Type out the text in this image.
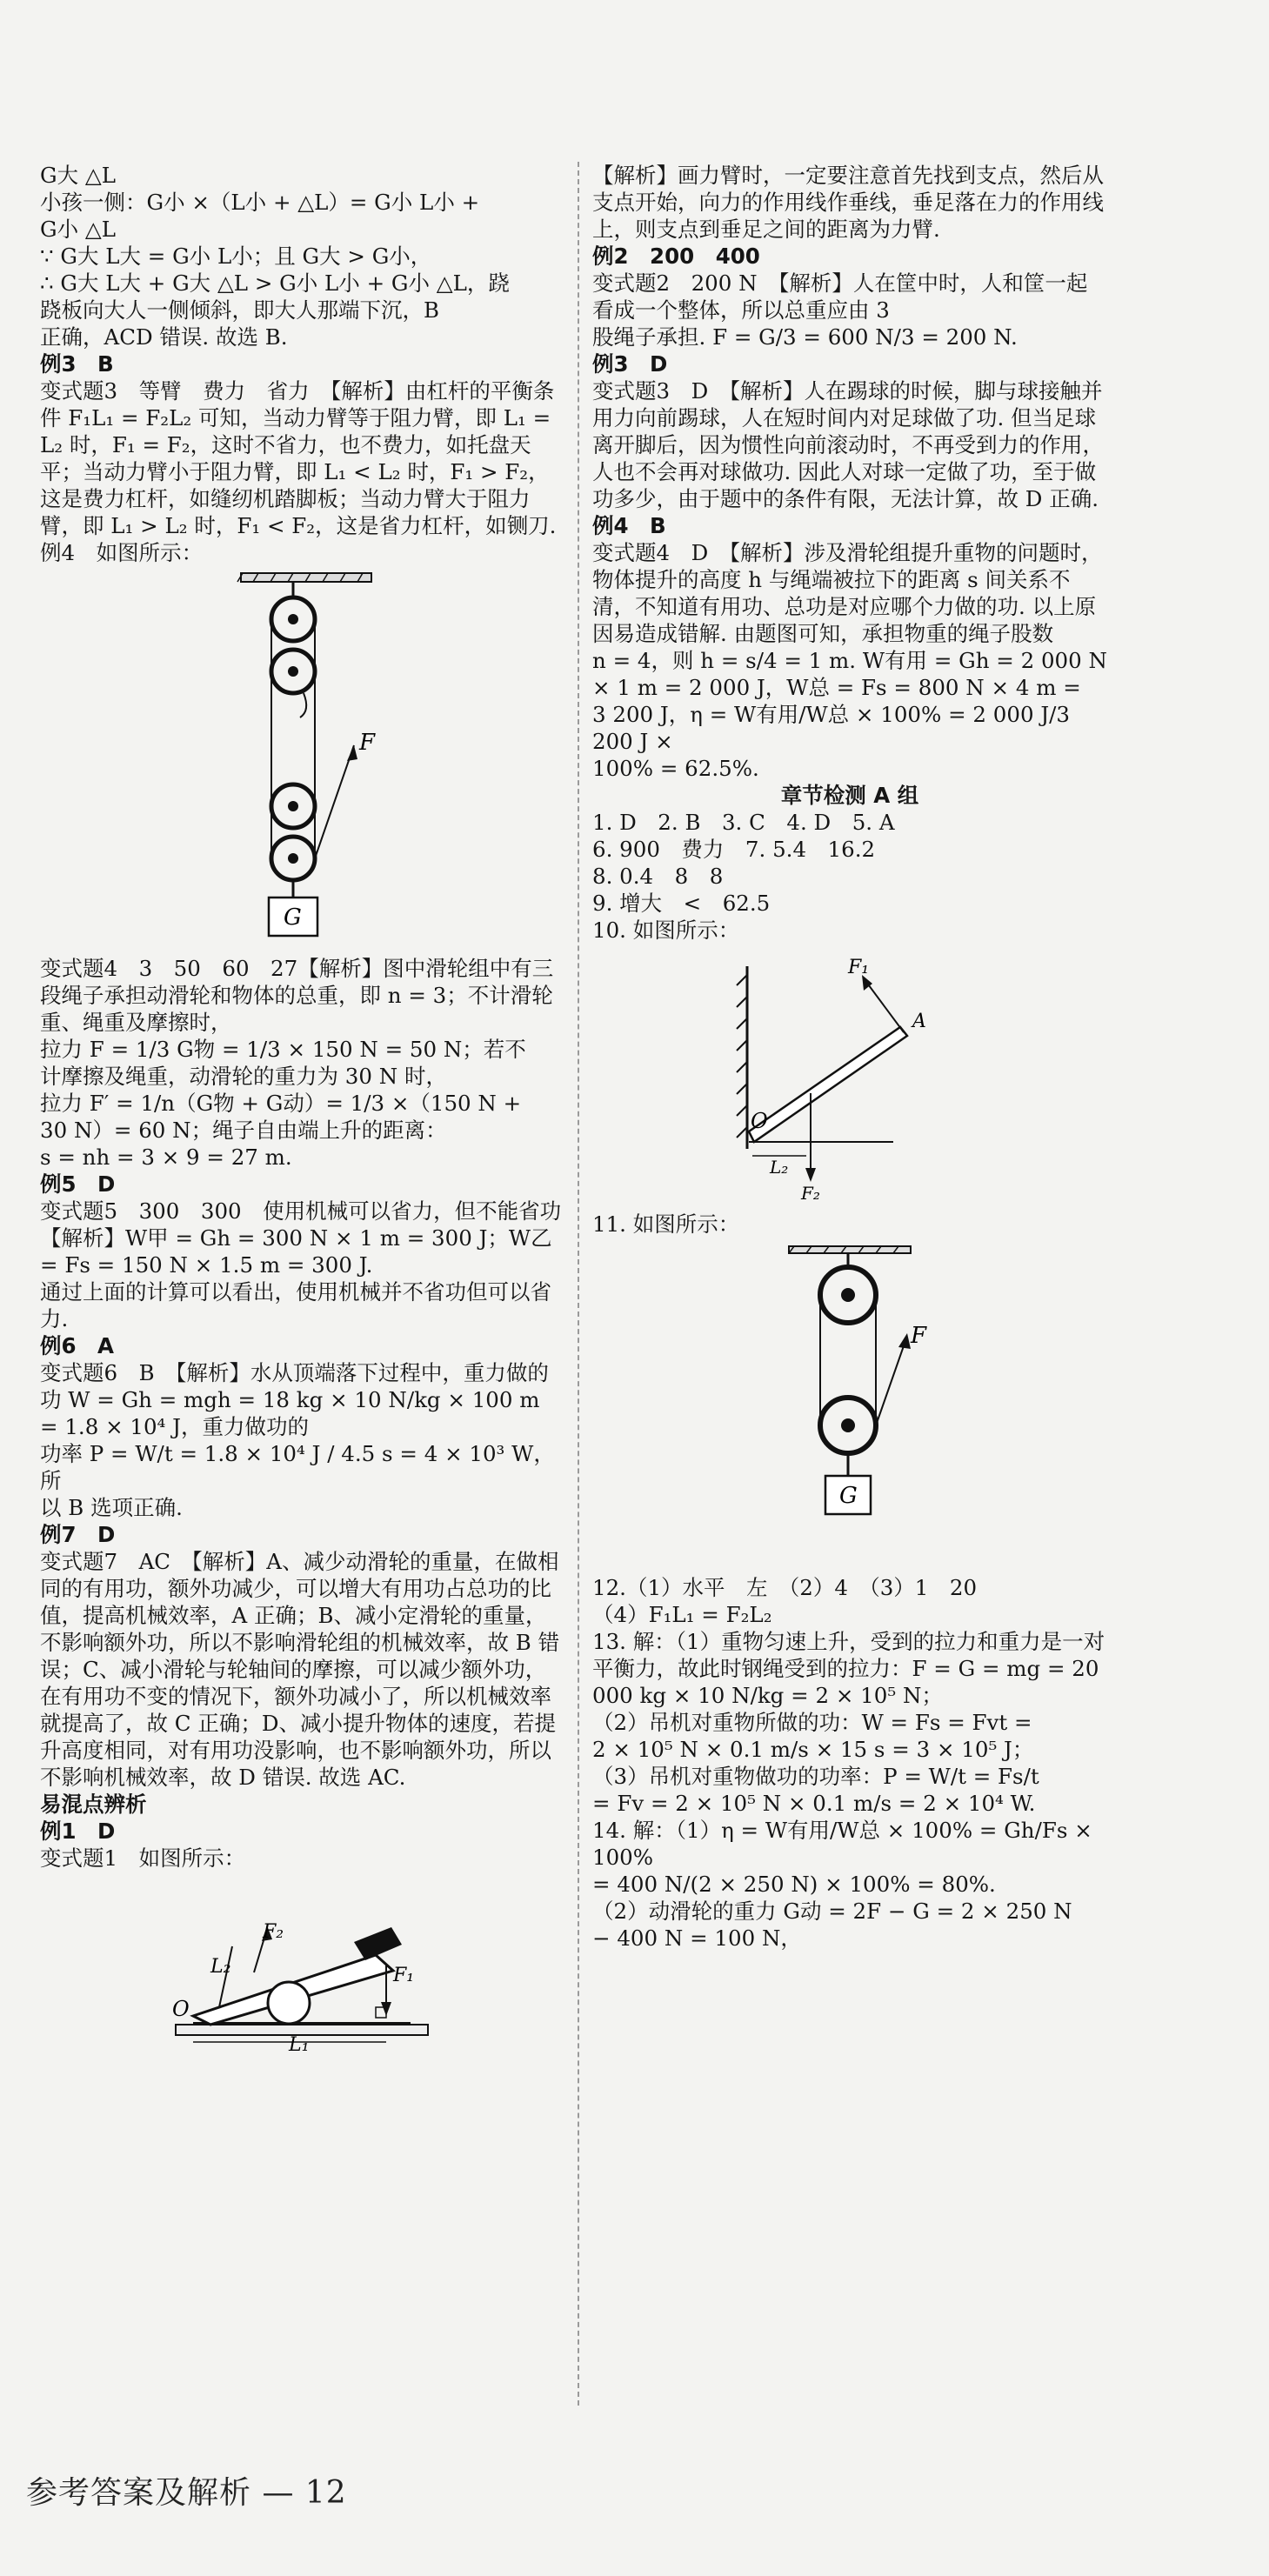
G大 △L
小孩一侧：G小 ×（L小 + △L）= G小 L小 +
G小 △L
∵ G大 L大 = G小 L小；且 G大 > G小，
∴ G大 L大 + G大 △L > G小 L小 + G小 △L，跷
跷板向大人一侧倾斜，即大人那端下沉，B
正确，ACD 错误. 故选 B.
例3　B
变式题3　等臂　费力　省力　【解析】由杠杆的平衡条件 F₁L₁ = F₂L₂ 可知，当动力臂等于阻力臂，即 L₁ = L₂ 时，F₁ = F₂，这时不省力，也不费力，如托盘天平；当动力臂小于阻力臂，即 L₁ < L₂ 时，F₁ > F₂，这是费力杠杆，如缝纫机踏脚板；当动力臂大于阻力臂，即 L₁ > L₂ 时，F₁ < F₂，这是省力杠杆，如铡刀.
例4　如图所示：
F
G
变式题4　3　50　60　27【解析】图中滑轮组中有三段绳子承担动滑轮和物体的总重，即 n = 3；不计滑轮重、绳重及摩擦时，
拉力 F = 1/3 G物 = 1/3 × 150 N = 50 N；若不
计摩擦及绳重，动滑轮的重力为 30 N 时，
拉力 F′ = 1/n（G物 + G动）= 1/3 ×（150 N +
30 N）= 60 N；绳子自由端上升的距离：
s = nh = 3 × 9 = 27 m.
例5　D
变式题5　300　300　使用机械可以省力，但不能省功　【解析】W甲 = Gh = 300 N × 1 m = 300 J；W乙 = Fs = 150 N × 1.5 m = 300 J.
通过上面的计算可以看出，使用机械并不省功但可以省力.
例6　A
变式题6　B　【解析】水从顶端落下过程中，重力做的功 W = Gh = mgh = 18 kg × 10 N/kg × 100 m = 1.8 × 10⁴ J，重力做功的
功率 P = W/t = 1.8 × 10⁴ J / 4.5 s = 4 × 10³ W，所
以 B 选项正确.
例7　D
变式题7　AC　【解析】A、减少动滑轮的重量，在做相同的有用功，额外功减少，可以增大有用功占总功的比值，提高机械效率，A 正确；B、减小定滑轮的重量，不影响额外功，所以不影响滑轮组的机械效率，故 B 错误；C、减小滑轮与轮轴间的摩擦，可以减少额外功，在有用功不变的情况下，额外功减小了，所以机械效率就提高了，故 C 正确；D、减小提升物体的速度，若提升高度相同，对有用功没影响，也不影响额外功，所以不影响机械效率，故 D 错误. 故选 AC.
易混点辨析
例1　D
变式题1　如图所示：
F₂
F₁
L₂
L₁
O
【解析】画力臂时，一定要注意首先找到支点，然后从支点开始，向力的作用线作垂线，垂足落在力的作用线上，则支点到垂足之间的距离为力臂.
例2　200　400
变式题2　200 N　【解析】人在筐中时，人和筐一起看成一个整体，所以总重应由 3
股绳子承担. F = G/3 = 600 N/3 = 200 N.
例3　D
变式题3　D　【解析】人在踢球的时候，脚与球接触并用力向前踢球，人在短时间内对足球做了功. 但当足球离开脚后，因为惯性向前滚动时，不再受到力的作用，人也不会再对球做功. 因此人对球一定做了功，至于做功多少，由于题中的条件有限，无法计算，故 D 正确.
例4　B
变式题4　D　【解析】涉及滑轮组提升重物的问题时，物体提升的高度 h 与绳端被拉下的距离 s 间关系不清，不知道有用功、总功是对应哪个力做的功. 以上原因易造成错解. 由题图可知，承担物重的绳子股数
n = 4，则 h = s/4 = 1 m. W有用 = Gh = 2 000 N
× 1 m = 2 000 J，W总 = Fs = 800 N × 4 m =
3 200 J，η = W有用/W总 × 100% = 2 000 J/3 200 J ×
100% = 62.5%.
章节检测 A 组
1. D　2. B　3. C　4. D　5. A
6. 900　费力　7. 5.4　16.2
8. 0.4　8　8
9. 增大　<　62.5
10. 如图所示：
F₁
A
O
L₂
F₂
11. 如图所示：
F
G
12.（1）水平　左　（2）4　（3）1　20
（4）F₁L₁ = F₂L₂
13. 解：（1）重物匀速上升，受到的拉力和重力是一对平衡力，故此时钢绳受到的拉力：F = G = mg = 20 000 kg × 10 N/kg = 2 × 10⁵ N；
（2）吊机对重物所做的功：W = Fs = Fvt =
2 × 10⁵ N × 0.1 m/s × 15 s = 3 × 10⁵ J；
（3）吊机对重物做功的功率：P = W/t = Fs/t
= Fv = 2 × 10⁵ N × 0.1 m/s = 2 × 10⁴ W.
14. 解：（1）η = W有用/W总 × 100% = Gh/Fs × 100%
= 400 N/(2 × 250 N) × 100% = 80%.
（2）动滑轮的重力 G动 = 2F − G = 2 × 250 N
− 400 N = 100 N，
参考答案及解析 — 12
